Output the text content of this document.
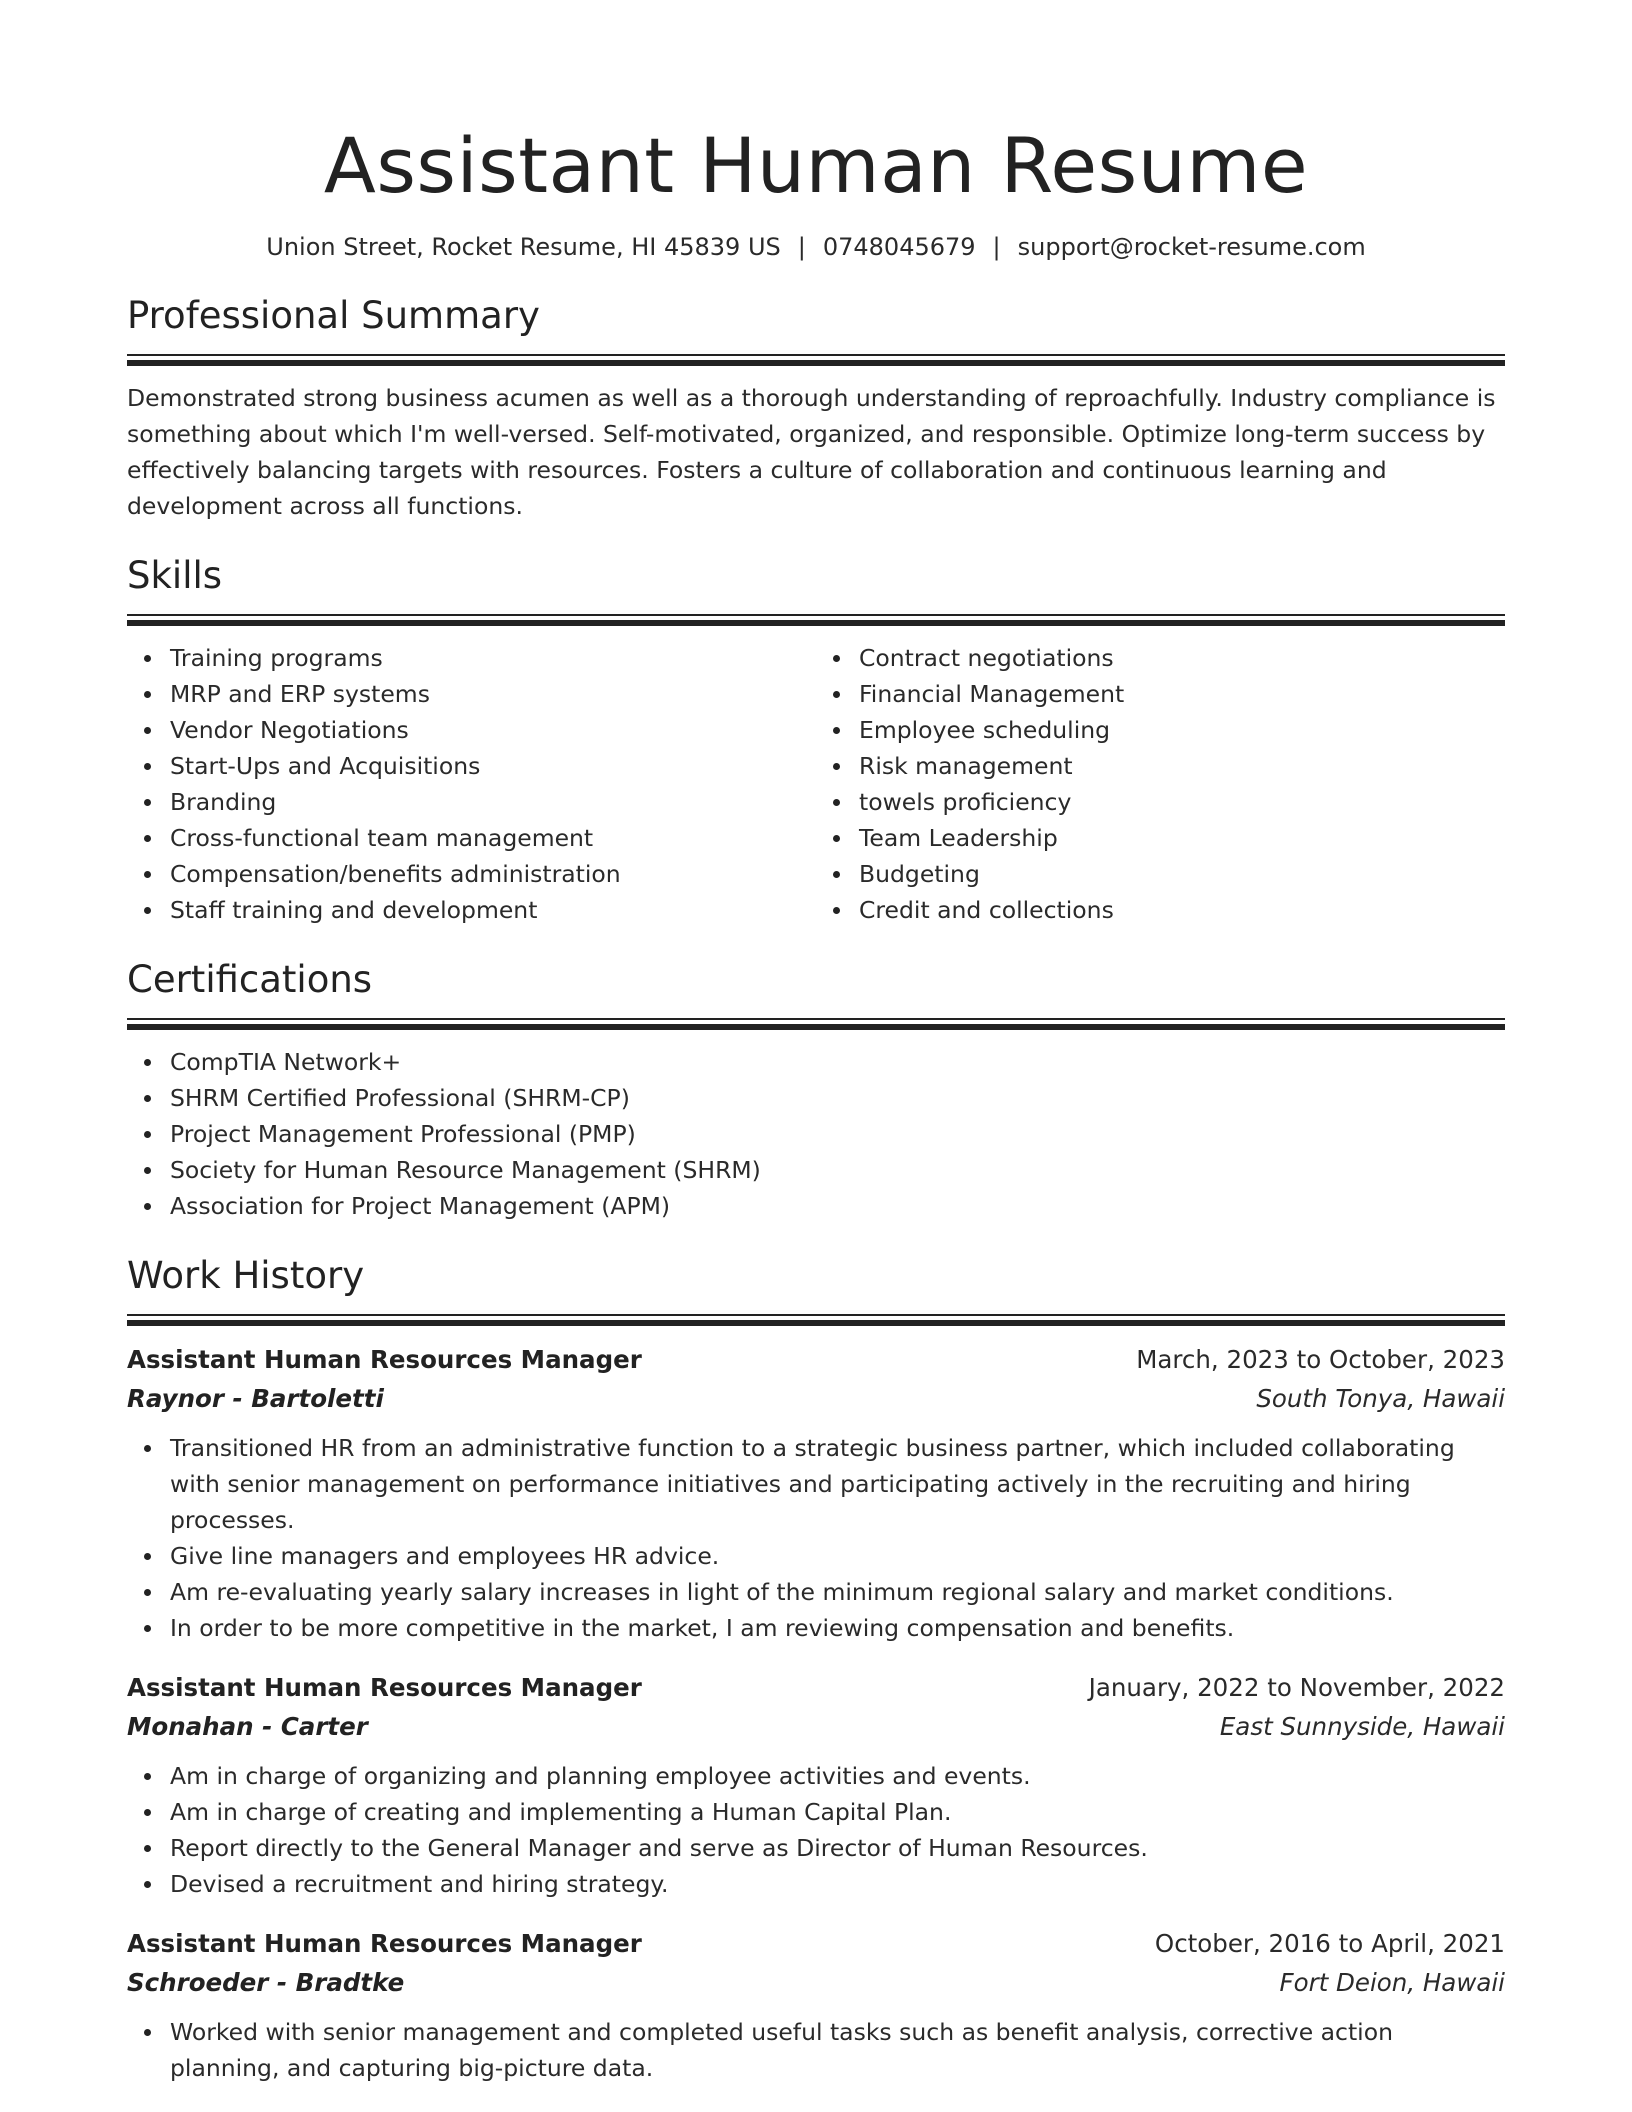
Assistant Human Resume
Union Street, Rocket Resume, HI 45839 US | 0748045679 | support@rocket-resume.com
Professional Summary

Demonstrated strong business acumen as well as a thorough understanding of reproachfully. Industry compliance is something about which I'm well-versed. Self-motivated, organized, and responsible. Optimize long-term success by effectively balancing targets with resources. Fosters a culture of collaboration and continuous learning and development across all functions.

Skills
Training programs
MRP and ERP systems
Vendor Negotiations
Start-Ups and Acquisitions
Branding
Cross-functional team management
Compensation/benefits administration
Staff training and development
Contract negotiations
Financial Management
Employee scheduling
Risk management
towels proficiency
Team Leadership
Budgeting
Credit and collections
Certifications
CompTIA Network+
SHRM Certified Professional (SHRM-CP)
Project Management Professional (PMP)
Society for Human Resource Management (SHRM)
Association for Project Management (APM)
Work History
Assistant Human Resources Manager	March, 2023 to October, 2023
Raynor - Bartoletti	South Tonya, Hawaii
Transitioned HR from an administrative function to a strategic business partner, which included collaborating with senior management on performance initiatives and participating actively in the recruiting and hiring processes.
Give line managers and employees HR advice.
Am re-evaluating yearly salary increases in light of the minimum regional salary and market conditions.
In order to be more competitive in the market, I am reviewing compensation and benefits.
Assistant Human Resources Manager	January, 2022 to November, 2022
Monahan - Carter	East Sunnyside, Hawaii
Am in charge of organizing and planning employee activities and events.
Am in charge of creating and implementing a Human Capital Plan.
Report directly to the General Manager and serve as Director of Human Resources.
Devised a recruitment and hiring strategy.
Assistant Human Resources Manager	October, 2016 to April, 2021
Schroeder - Bradtke	Fort Deion, Hawaii
Worked with senior management and completed useful tasks such as benefit analysis, corrective action planning, and capturing big-picture data.
